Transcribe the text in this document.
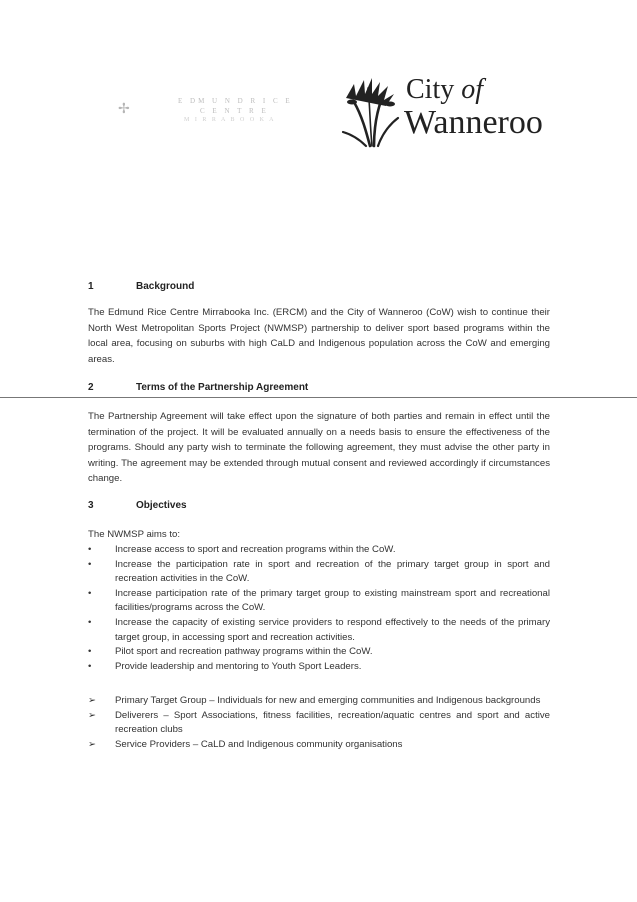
✢	E DM U N D R I C E
C E N T R E
M I R R A B O O K A
City of
Wanneroo
1	Background
The Edmund Rice Centre Mirrabooka Inc. (ERCM) and the City of Wanneroo (CoW) wish to continue their North West Metropolitan Sports Project (NWMSP) partnership to deliver sport based programs within the local area, focusing on suburbs with high CaLD and Indigenous population across the CoW and emerging areas.
2	Terms of the Partnership Agreement
The Partnership Agreement will take effect upon the signature of both parties and remain in effect until the termination of the project. It will be evaluated annually on a needs basis to ensure the effectiveness of the programs. Should any party wish to terminate the following agreement, they must advise the other party in writing. The agreement may be extended through mutual consent and reviewed accordingly if circumstances change.
3	Objectives
The NWMSP aims to:
• Increase access to sport and recreation programs within the CoW.
• Increase the participation rate in sport and recreation of the primary target group in sport and recreation activities in the CoW.
• Increase participation rate of the primary target group to existing mainstream sport and recreational facilities/programs across the CoW.
• Increase the capacity of existing service providers to respond effectively to the needs of the primary target group, in accessing sport and recreation activities.
• Pilot sport and recreation pathway programs within the CoW.
• Provide leadership and mentoring to Youth Sport Leaders.
➢ Primary Target Group – Individuals for new and emerging communities and Indigenous backgrounds
➢ Deliverers – Sport Associations, fitness facilities, recreation/aquatic centres and sport and active recreation clubs
➢ Service Providers – CaLD and Indigenous community organisations
